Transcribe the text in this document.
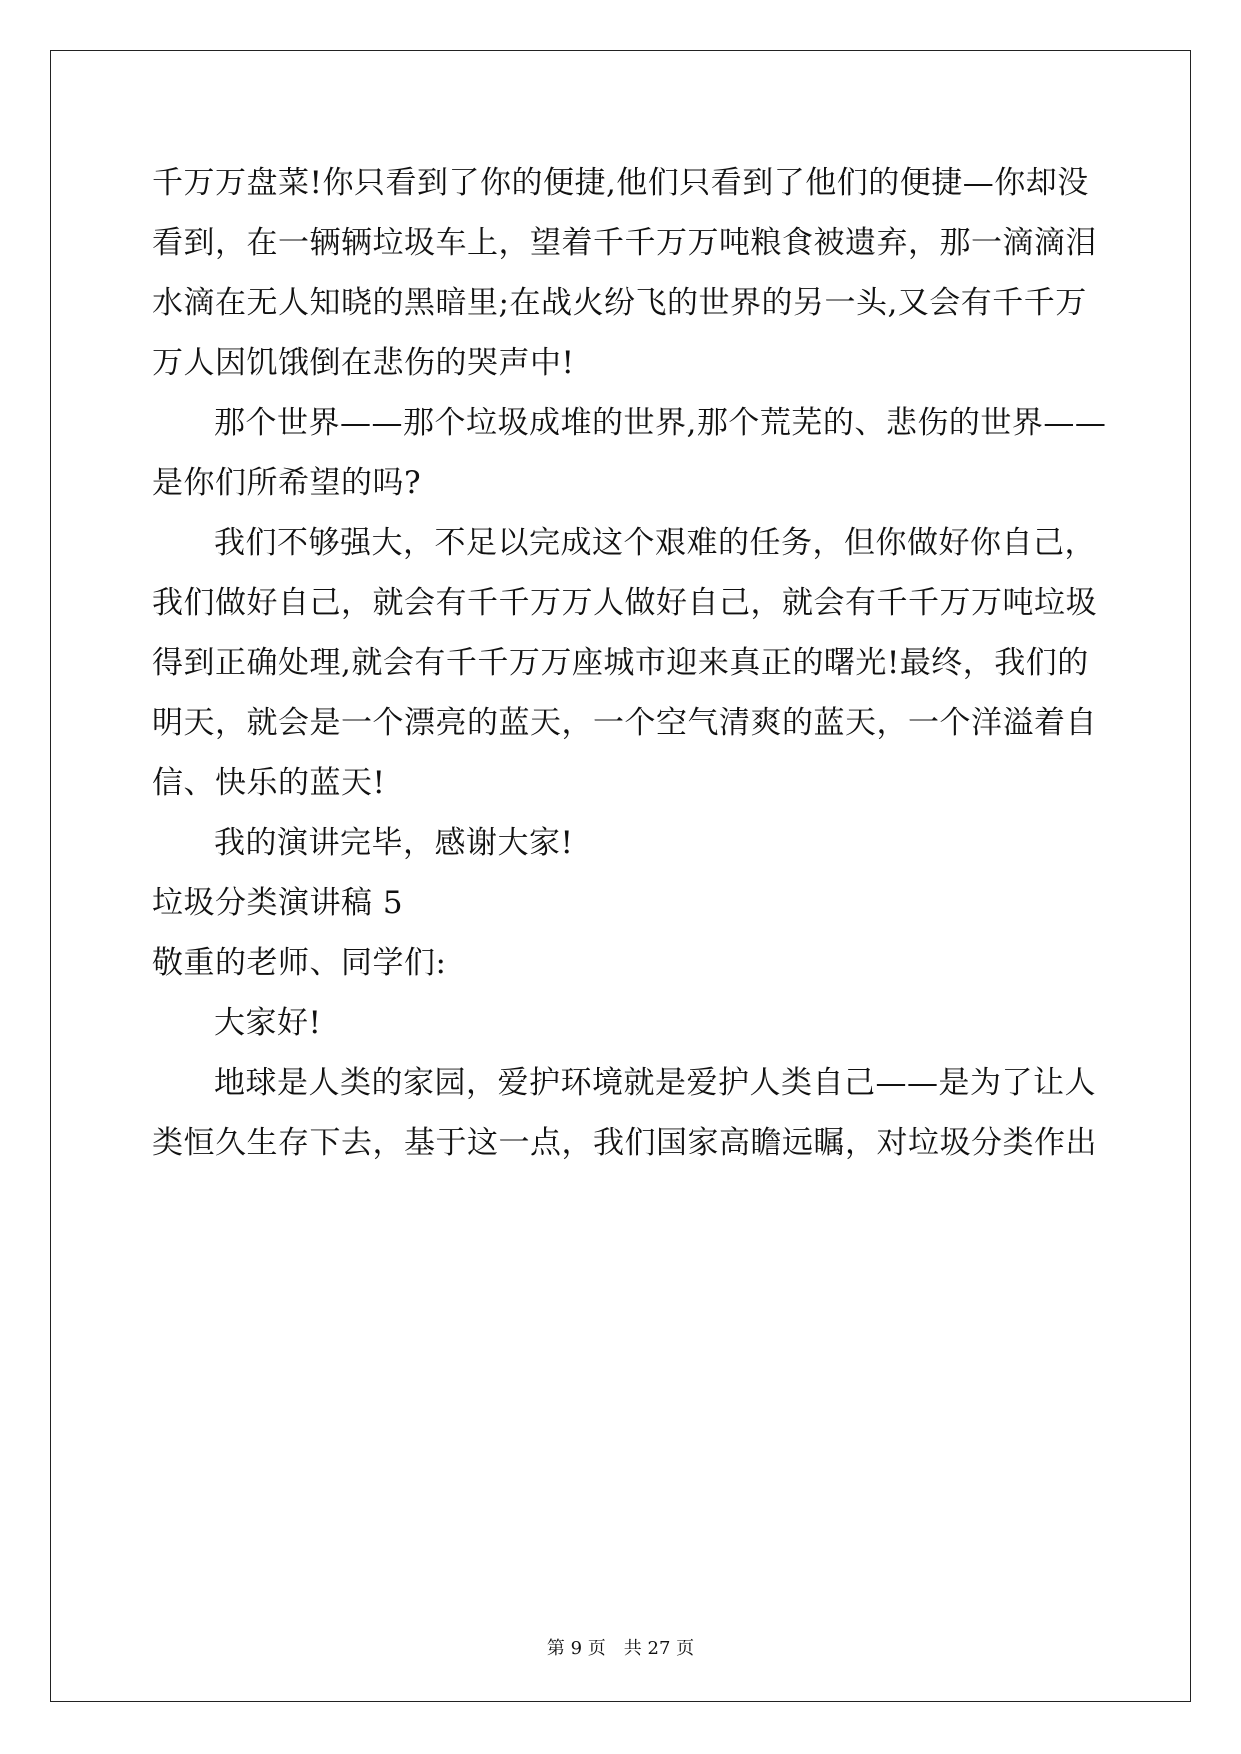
千万万盘菜!你只看到了你的便捷,他们只看到了他们的便捷—你却没
看到，在一辆辆垃圾车上，望着千千万万吨粮食被遗弃，那一滴滴泪
水滴在无人知晓的黑暗里;在战火纷飞的世界的另一头,又会有千千万
万人因饥饿倒在悲伤的哭声中!
那个世界——那个垃圾成堆的世界,那个荒芜的、悲伤的世界——
是你们所希望的吗?
我们不够强大，不足以完成这个艰难的任务，但你做好你自己，
我们做好自己，就会有千千万万人做好自己，就会有千千万万吨垃圾
得到正确处理,就会有千千万万座城市迎来真正的曙光!最终，我们的
明天，就会是一个漂亮的蓝天，一个空气清爽的蓝天，一个洋溢着自
信、快乐的蓝天!
我的演讲完毕，感谢大家!
垃圾分类演讲稿 5
敬重的老师、同学们:
大家好!
地球是人类的家园，爱护环境就是爱护人类自己——是为了让人
类恒久生存下去，基于这一点，我们国家高瞻远瞩，对垃圾分类作出
第 9 页　共 27 页
